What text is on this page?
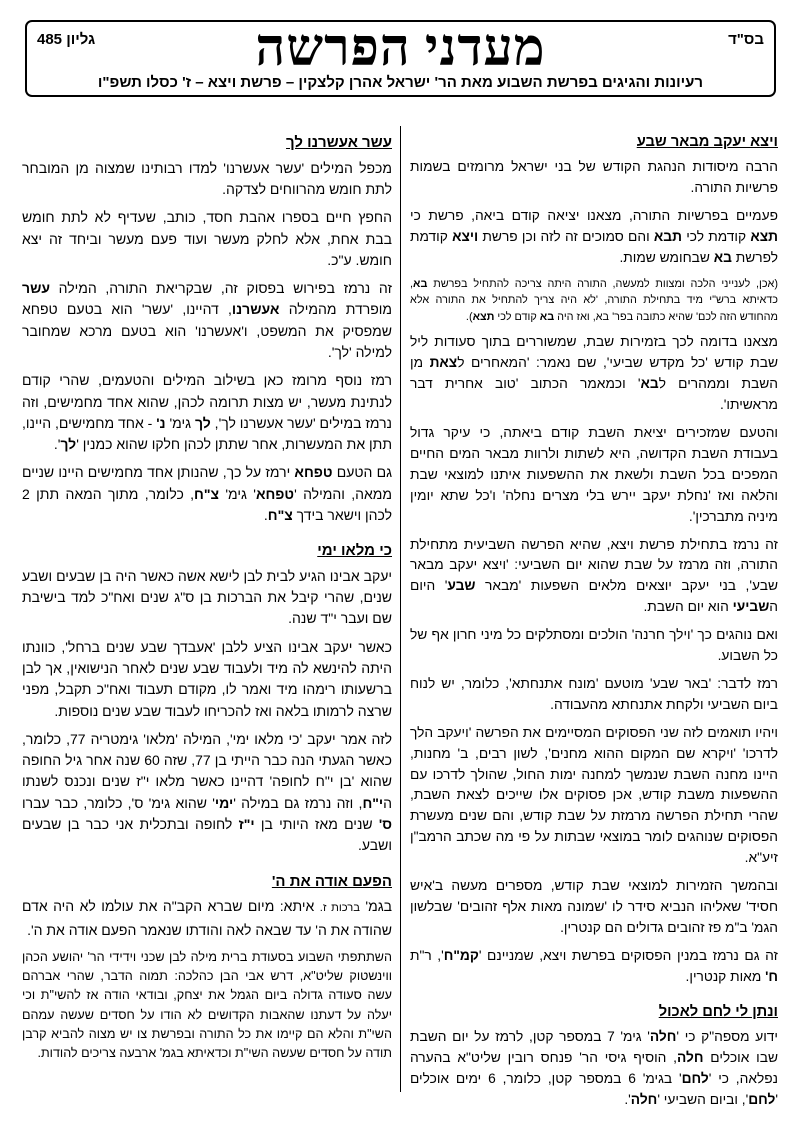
בס"ד
גליון 485	מעדני הפרשה
רעיונות והגיגים בפרשת השבוע מאת הר' ישראל אהרן קלצקין – פרשת ויצא – ז' כסלו תשפ"ו
ויצא יעקב מבאר שבע

הרבה מיסודות הנהגת הקודש של בני ישראל מרומזים בשמות פרשיות התורה.

פעמיים בפרשיות התורה, מצאנו יציאה קודם ביאה, פרשת כי תצא קודמת לכי תבא והם סמוכים זה לזה וכן פרשת ויצא קודמת לפרשת בא שבחומש שמות.

(אכן, לענייני הלכה ומצוות למעשה, התורה היתה צריכה להתחיל בפרשת בא, כדאיתא ברש"י מיד בתחילת התורה, 'לא היה צריך להתחיל את התורה אלא מהחודש הזה לכם' שהיא כתובה בפר' בא, ואז היה בא קודם לכי תצא).

מצאנו בדומה לכך בזמירות שבת, שמשוררים בתוך סעודות ליל שבת קודש 'כל מקדש שביעי', שם נאמר: 'המאחרים לצאת מן השבת וממהרים לבא' וכמאמר הכתוב 'טוב אחרית דבר מראשיתו'.

והטעם שמזכירים יציאת השבת קודם ביאתה, כי עיקר גדול בעבודת השבת הקדושה, היא לשתות ולרוות מבאר המים החיים המפכים בכל השבת ולשאת את ההשפעות איתנו למוצאי שבת והלאה ואז 'נחלת יעקב יירש בלי מצרים נחלה' ו'כל שתא יומין מיניה מתברכין'.

זה נרמז בתחילת פרשת ויצא, שהיא הפרשה השביעית מתחילת התורה, וזה מרמז על שבת שהוא יום השביעי: 'ויצא יעקב מבאר שבע', בני יעקב יוצאים מלאים השפעות 'מבאר שבע' היום השביעי הוא יום השבת.

ואם נוהגים כך 'וילך חרנה' הולכים ומסתלקים כל מיני חרון אף של כל השבוע.

רמז לדבר: 'באר שבע' מוטעם 'מונח אתנחתא', כלומר, יש לנוח ביום השביעי ולקחת אתנחתא מהעבודה.

ויהיו תואמים לזה שני הפסוקים המסיימים את הפרשה 'ויעקב הלך לדרכו' 'ויקרא שם המקום ההוא מחנים', לשון רבים, ב' מחנות, היינו מחנה השבת שנמשך למחנה ימות החול, שהולך לדרכו עם ההשפעות משבת קודש, אכן פסוקים אלו שייכים לצאת השבת, שהרי תחילת הפרשה מרמזת על שבת קודש, והם שנים מעשרת הפסוקים שנוהגים לומר במוצאי שבתות על פי מה שכתב הרמב"ן זיע"א.

ובהמשך הזמירות למוצאי שבת קודש, מספרים מעשה ב'איש חסיד' שאליהו הנביא סידר לו 'שמונה מאות אלף זהובים' שבלשון הגמ' ב"מ פז זהובים גדולים הם קנטרין.

זה גם נרמז במנין הפסוקים בפרשת ויצא, שמניינם 'קמ"ח', ר"ת ח' מאות קנטרין.

ונתן לי לחם לאכול

ידוע מספה"ק כי 'חלה' גימ' 7 במספר קטן, לרמז על יום השבת שבו אוכלים חלה, הוסיף גיסי הר' פנחס רובין שליט"א בהערה נפלאה, כי 'לחם' בגימ' 6 במספר קטן, כלומר, 6 ימים אוכלים 'לחם', וביום השביעי 'חלה'.

עשר אעשרנו לך

מכפל המילים 'עשר אעשרנו' למדו רבותינו שמצוה מן המובחר לתת חומש מהרווחים לצדקה.

החפץ חיים בספרו אהבת חסד, כותב, שעדיף לא לתת חומש בבת אחת, אלא לחלק מעשר ועוד פעם מעשר וביחד זה יצא חומש. ע"כ.

זה נרמז בפירוש בפסוק זה, שבקריאת התורה, המילה עשר מופרדת מהמילה אעשרנו, דהיינו, 'עשר' הוא בטעם טפחא שמפסיק את המשפט, ו'אעשרנו' הוא בטעם מרכא שמחובר למילה 'לך'.

רמז נוסף מרומז כאן בשילוב המילים והטעמים, שהרי קודם לנתינת מעשר, יש מצות תרומה לכהן, שהוא אחד מחמישים, וזה נרמז במילים 'עשר אעשרנו לך', לך גימ' נ' - אחד מחמישים, היינו, תתן את המעשרות, אחר שתתן לכהן חלקו שהוא כמנין 'לך'.

גם הטעם טפחא ירמז על כך, שהנותן אחד מחמישים היינו שניים ממאה, והמילה 'טפחא' גימ' צ"ח, כלומר, מתוך המאה תתן 2 לכהן וישאר בידך צ"ח.

כי מלאו ימי

יעקב אבינו הגיע לבית לבן לישא אשה כאשר היה בן שבעים ושבע שנים, שהרי קיבל את הברכות בן ס"ג שנים ואח"כ למד בישיבת שם ועבר י"ד שנה.

כאשר יעקב אבינו הציע ללבן 'אעבדך שבע שנים ברחל', כוונתו היתה להינשא לה מיד ולעבוד שבע שנים לאחר הנישואין, אך לבן ברשעותו רימהו מיד ואמר לו, מקודם תעבוד ואח"כ תקבל, מפני שרצה לרמותו בלאה ואז להכריחו לעבוד שבע שנים נוספות.

לזה אמר יעקב 'כי מלאו ימי', המילה 'מלאו' גימטריה 77, כלומר, כאשר הגעתי הנה כבר הייתי בן 77, שזה 60 שנה אחר גיל החופה שהוא 'בן י"ח לחופה' דהיינו כאשר מלאו י"ז שנים ונכנס לשנתו הי"ח, וזה נרמז גם במילה 'ימי' שהוא גימ' ס', כלומר, כבר עברו ס' שנים מאז היותי בן י"ז לחופה ובתכלית אני כבר בן שבעים ושבע.

הפעם אודה את ה'

בגמ' ברכות ז. איתא: מיום שברא הקב"ה את עולמו לא היה אדם שהודה את ה' עד שבאה לאה והודתו שנאמר הפעם אודה את ה'.

השתתפתי השבוע בסעודת ברית מילה לבן שכני וידידי הר' יהושע הכהן ווינשטוק שליט"א, דרש אבי הבן כהלכה: תמוה הדבר, שהרי אברהם עשה סעודה גדולה ביום הגמל את יצחק, ובודאי הודה אז להשי"ת וכי יעלה על דעתנו שהאבות הקדושים לא הודו על חסדים שעשה עמהם השי"ת והלא הם קיימו את כל התורה ובפרשת צו יש מצוה להביא קרבן תודה על חסדים שעשה השי"ת וכדאיתא בגמ' ארבעה צריכים להודות.
